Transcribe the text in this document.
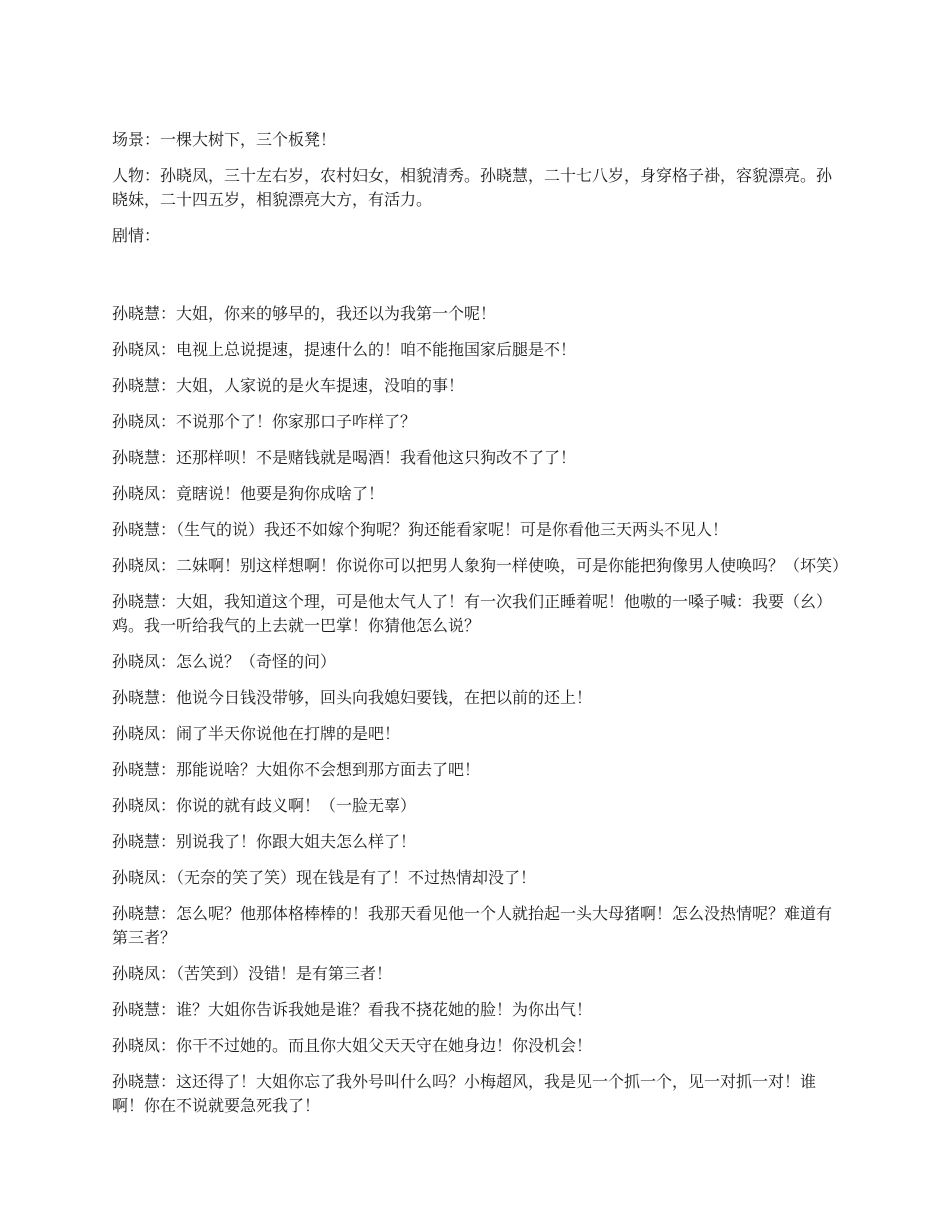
场景：一棵大树下，三个板凳！

人物：孙晓凤，三十左右岁，农村妇女，相貌清秀。孙晓慧，二十七八岁，身穿格子褂，容貌漂亮。孙晓妹，二十四五岁，相貌漂亮大方，有活力。

剧情：

孙晓慧：大姐，你来的够早的，我还以为我第一个呢！

孙晓凤：电视上总说提速，提速什么的！咱不能拖国家后腿是不！

孙晓慧：大姐，人家说的是火车提速，没咱的事！

孙晓凤：不说那个了！你家那口子咋样了？

孙晓慧：还那样呗！不是赌钱就是喝酒！我看他这只狗改不了了！

孙晓凤：竟瞎说！他要是狗你成啥了！

孙晓慧：（生气的说）我还不如嫁个狗呢？狗还能看家呢！可是你看他三天两头不见人！

孙晓凤：二妹啊！别这样想啊！你说你可以把男人象狗一样使唤，可是你能把狗像男人使唤吗？（坏笑）

孙晓慧：大姐，我知道这个理，可是他太气人了！有一次我们正睡着呢！他嗷的一嗓子喊：我要（幺）鸡。我一听给我气的上去就一巴掌！你猜他怎么说？

孙晓凤：怎么说？（奇怪的问）

孙晓慧：他说今日钱没带够，回头向我媳妇要钱，在把以前的还上！

孙晓凤：闹了半天你说他在打牌的是吧！

孙晓慧：那能说啥？大姐你不会想到那方面去了吧！

孙晓凤：你说的就有歧义啊！（一脸无辜）

孙晓慧：别说我了！你跟大姐夫怎么样了！

孙晓凤：（无奈的笑了笑）现在钱是有了！不过热情却没了！

孙晓慧：怎么呢？他那体格棒棒的！我那天看见他一个人就抬起一头大母猪啊！怎么没热情呢？难道有第三者？

孙晓凤：（苦笑到）没错！是有第三者！

孙晓慧：谁？大姐你告诉我她是谁？看我不挠花她的脸！为你出气！

孙晓凤：你干不过她的。而且你大姐父天天守在她身边！你没机会！

孙晓慧：这还得了！大姐你忘了我外号叫什么吗？小梅超风，我是见一个抓一个，见一对抓一对！谁啊！你在不说就要急死我了！
